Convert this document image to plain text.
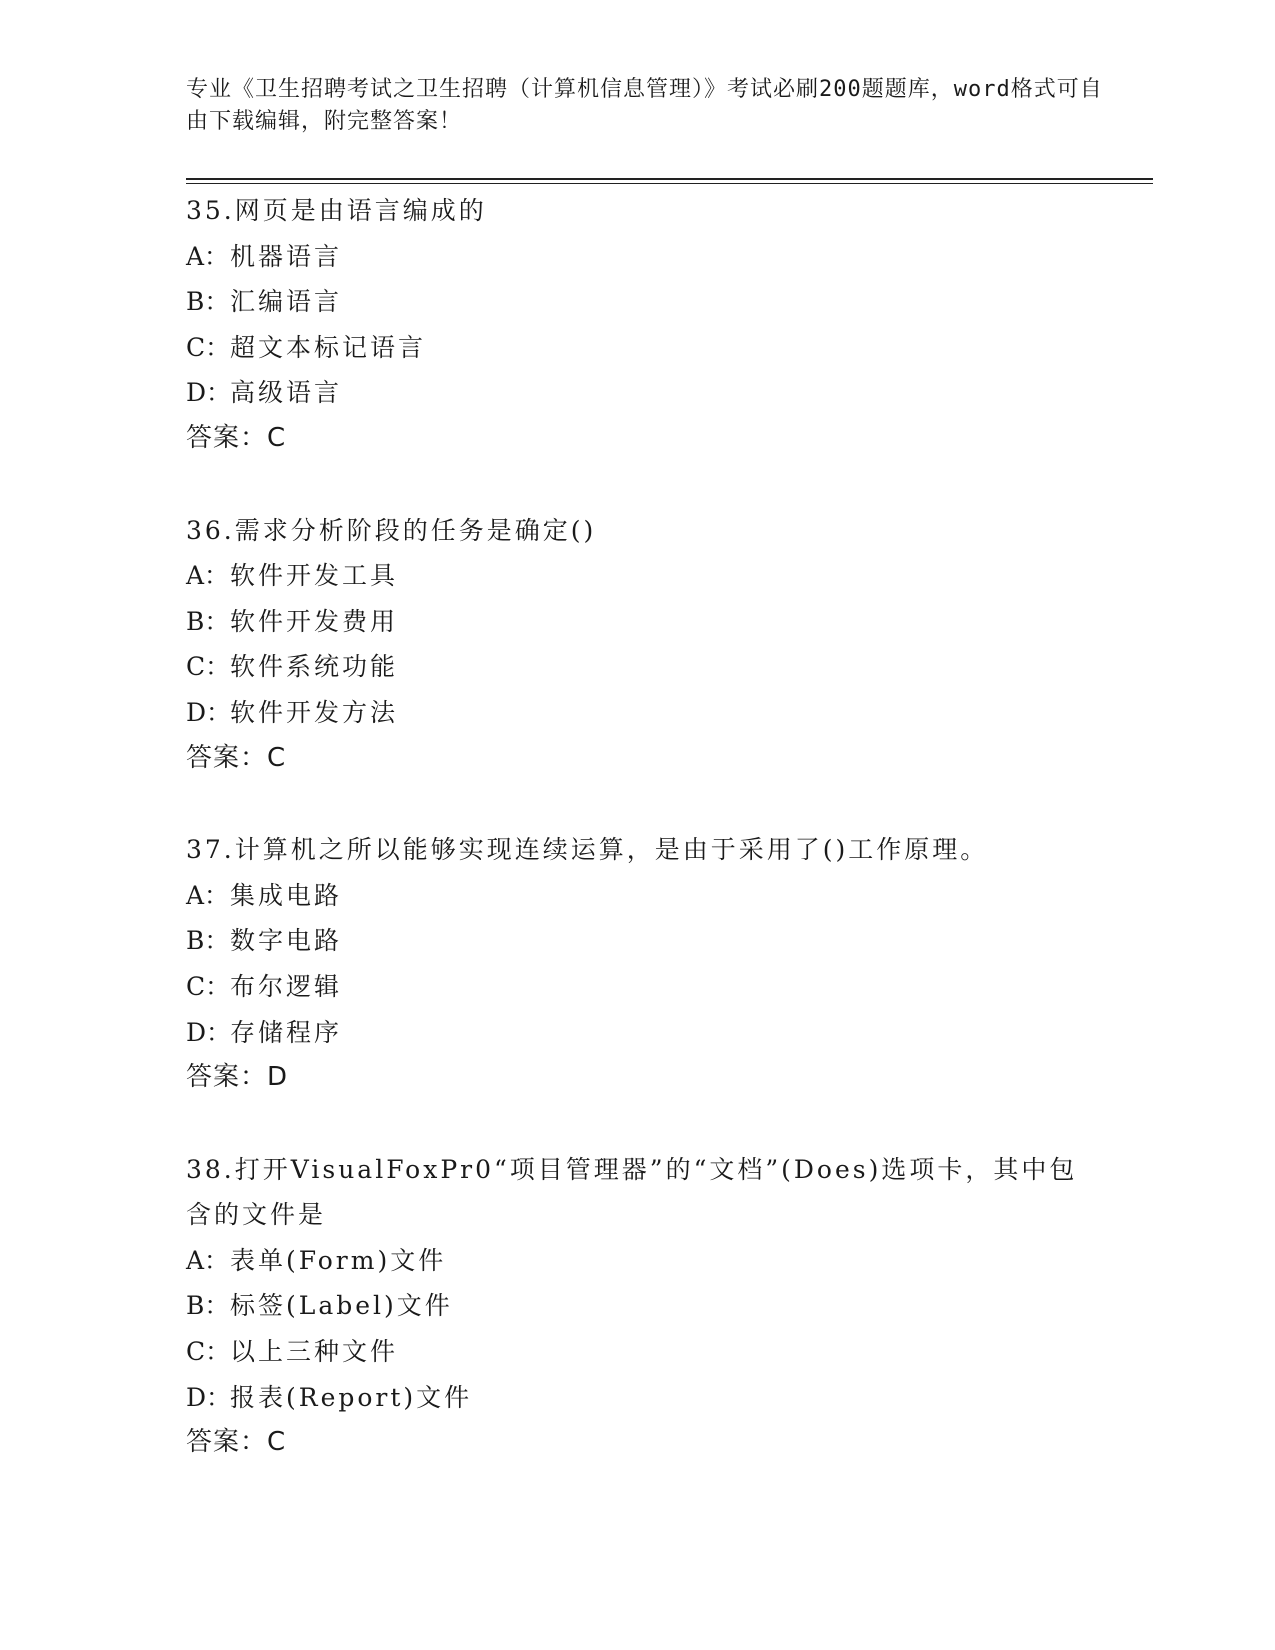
专业《卫生招聘考试之卫生招聘（计算机信息管理）》考试必刷200题题库，word格式可自由下载编辑，附完整答案！
35.网页是由语言编成的
A：机器语言
B：汇编语言
C：超文本标记语言
D：高级语言
答案：C
36.需求分析阶段的任务是确定()
A：软件开发工具
B：软件开发费用
C：软件系统功能
D：软件开发方法
答案：C
37.计算机之所以能够实现连续运算，是由于采用了()工作原理。
A：集成电路
B：数字电路
C：布尔逻辑
D：存储程序
答案：D
38.打开VisualFoxPr0“项目管理器”的“文档”(Does)选项卡，其中包含的文件是
A：表单(Form)文件
B：标签(Label)文件
C：以上三种文件
D：报表(Report)文件
答案：C
